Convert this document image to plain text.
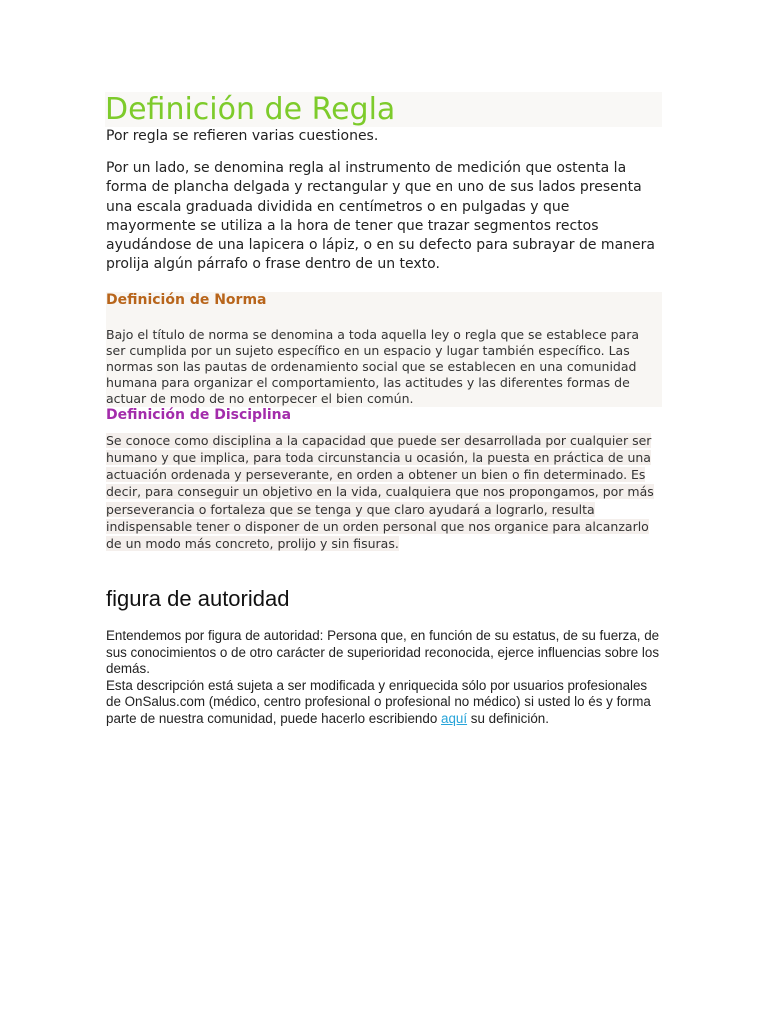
Definición de Regla

Por regla se refieren varias cuestiones.

Por un lado, se denomina regla al instrumento de medición que ostenta la forma de plancha delgada y rectangular y que en uno de sus lados presenta una escala graduada dividida en centímetros o en pulgadas y que mayormente se utiliza a la hora de tener que trazar segmentos rectos ayudándose de una lapicera o lápiz, o en su defecto para subrayar de manera prolija algún párrafo o frase dentro de un texto.

Definición de Norma

Bajo el título de norma se denomina a toda aquella ley o regla que se establece para ser cumplida por un sujeto específico en un espacio y lugar también específico. Las normas son las pautas de ordenamiento social que se establecen en una comunidad humana para organizar el comportamiento, las actitudes y las diferentes formas de actuar de modo de no entorpecer el bien común.

Definición de Disciplina

Se conoce como disciplina a la capacidad que puede ser desarrollada por cualquier ser humano y que implica, para toda circunstancia u ocasión, la puesta en práctica de una actuación ordenada y perseverante, en orden a obtener un bien o fin determinado. Es decir, para conseguir un objetivo en la vida, cualquiera que nos propongamos, por más perseverancia o fortaleza que se tenga y que claro ayudará a lograrlo, resulta indispensable tener o disponer de un orden personal que nos organice para alcanzarlo de un modo más concreto, prolijo y sin fisuras.

figura de autoridad

Entendemos por figura de autoridad: Persona que, en función de su estatus, de su fuerza, de sus conocimientos o de otro carácter de superioridad reconocida, ejerce influencias sobre los demás.
Esta descripción está sujeta a ser modificada y enriquecida sólo por usuarios profesionales de OnSalus.com (médico, centro profesional o profesional no médico) si usted lo és y forma parte de nuestra comunidad, puede hacerlo escribiendo aquí su definición.
